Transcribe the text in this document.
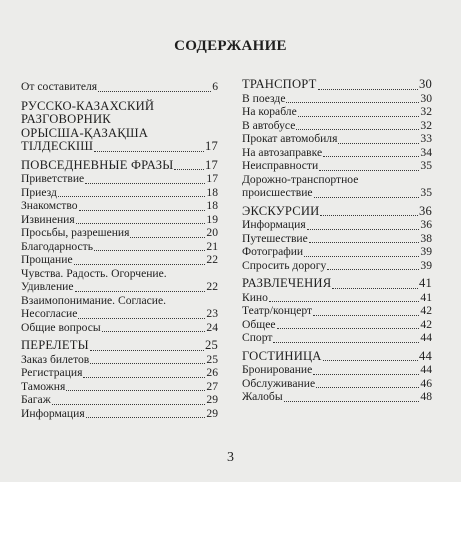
СОДЕРЖАНИЕ
От составителя	6
РУССКО-КАЗАХСКИЙ
РАЗГОВОРНИК
ОРЫСША-ҚАЗАҚША
ТІЛДЕСКІШ	17
ПОВСЕДНЕВНЫЕ ФРАЗЫ	17
Приветствие	17
Приезд	18
Знакомство	18
Извинения	19
Просьбы, разрешения	20
Благодарность	21
Прощание	22
Чувства. Радость. Огорчение.
Удивление	22
Взаимопонимание. Согласие.
Несогласие	23
Общие вопросы	24
ПЕРЕЛЕТЫ	25
Заказ билетов	25
Регистрация	26
Таможня	27
Багаж	29
Информация	29
ТРАНСПОРТ	30
В поезде	30
На корабле	32
В автобусе	32
Прокат автомобиля	33
На автозаправке	34
Неисправности	35
Дорожно-транспортное
происшествие	35
ЭКСКУРСИИ	36
Информация	36
Путешествие	38
Фотографии	39
Спросить дорогу	39
РАЗВЛЕЧЕНИЯ	41
Кино	41
Театр/концерт	42
Общее	42
Спорт	44
ГОСТИНИЦА	44
Бронирование	44
Обслуживание	46
Жалобы	48
3
